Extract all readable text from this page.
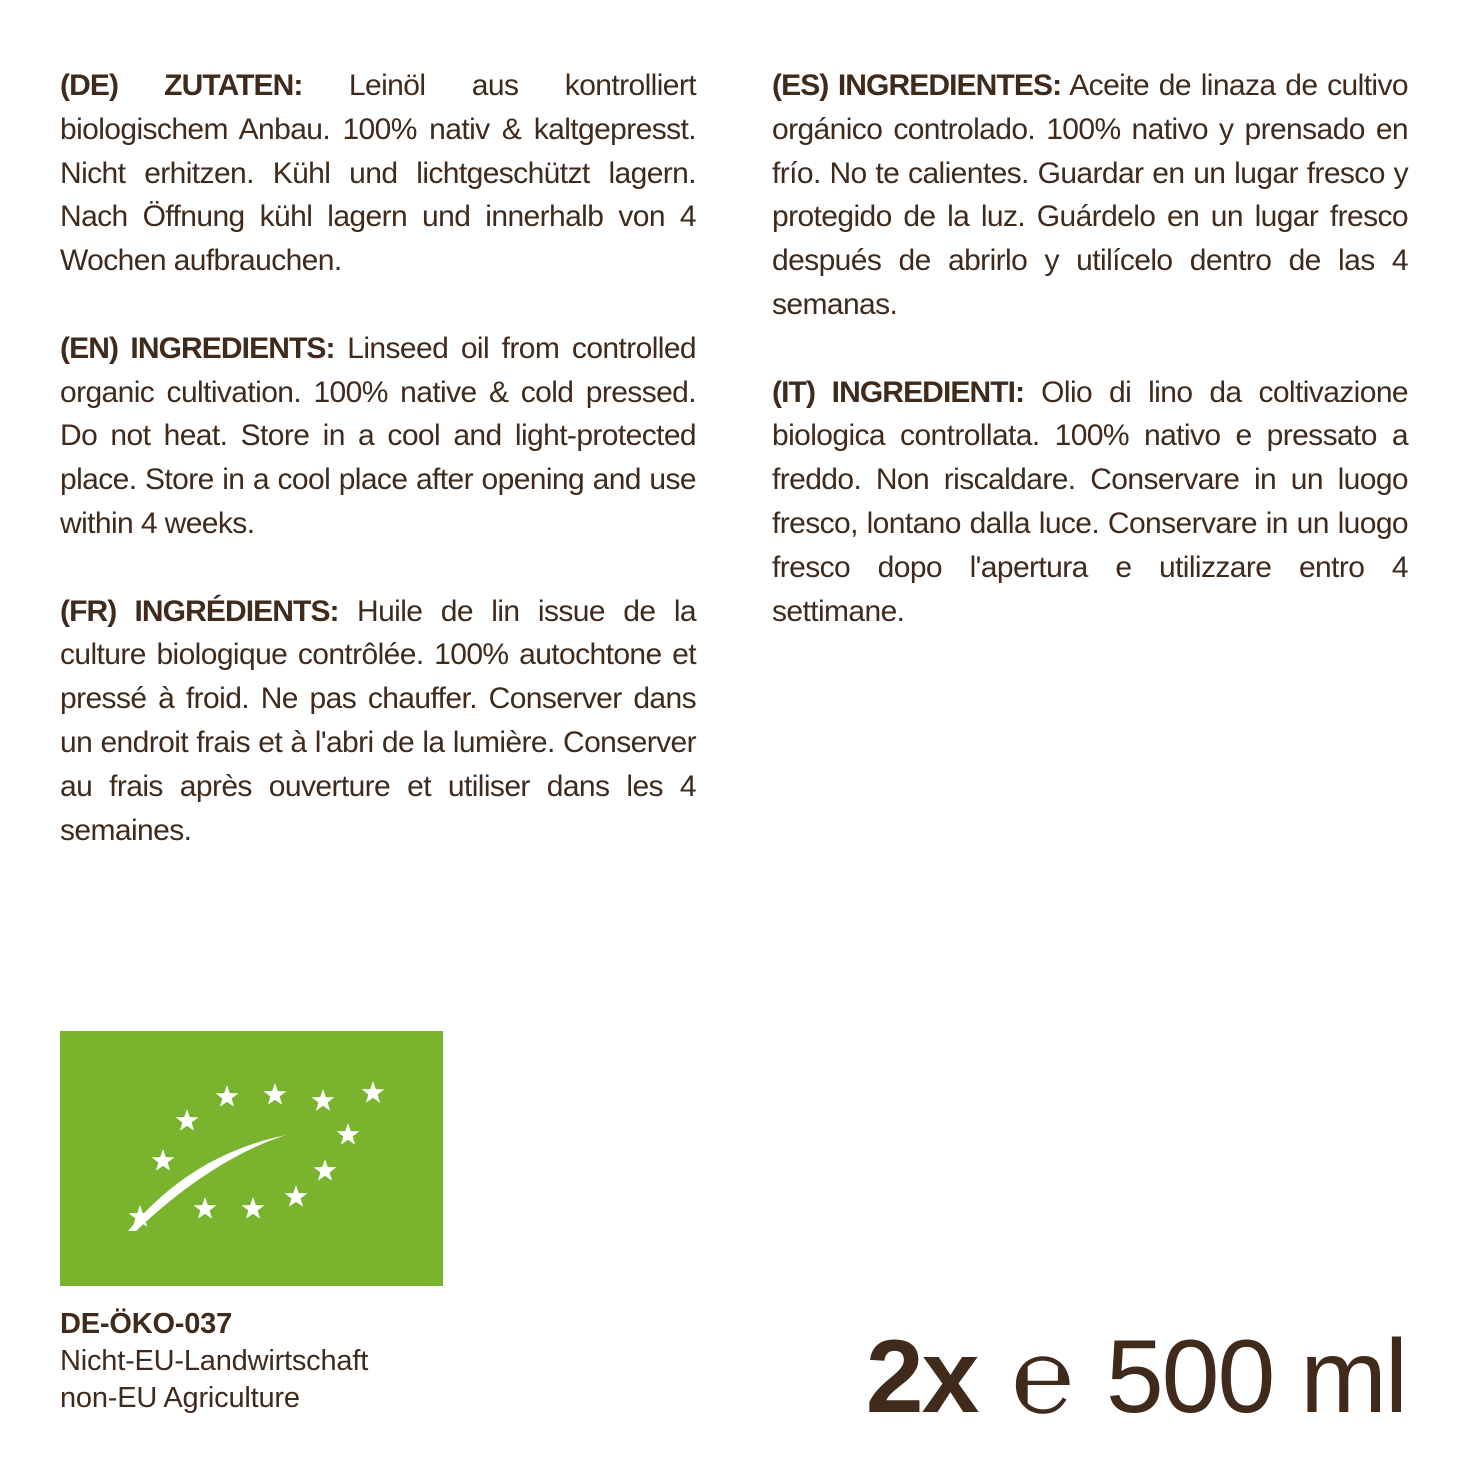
(DE) ZUTATEN: Leinöl aus kontrolliert biologischem Anbau. 100% nativ & kaltgepresst. Nicht erhitzen. Kühl und lichtgeschützt lagern. Nach Öffnung kühl lagern und innerhalb von 4 Wochen aufbrauchen.

(EN) INGREDIENTS: Linseed oil from controlled organic cultivation. 100% native & cold pressed. Do not heat. Store in a cool and light-protected place. Store in a cool place after opening and use within 4 weeks.

(FR) INGRÉDIENTS: Huile de lin issue de la culture biologique contrôlée. 100% autochtone et pressé à froid. Ne pas chauffer. Conserver dans un endroit frais et à l'abri de la lumière. Conserver au frais après ouverture et utiliser dans les 4 semaines.

(ES) INGREDIENTES: Aceite de linaza de cultivo orgánico controlado. 100% nativo y prensado en frío. No te calientes. Guardar en un lugar fresco y protegido de la luz. Guárdelo en un lugar fresco después de abrirlo y utilícelo dentro de las 4 semanas.

(IT) INGREDIENTI: Olio di lino da coltivazione biologica controllata. 100% nativo e pressato a freddo. Non riscaldare. Conservare in un luogo fresco, lontano dalla luce. Conservare in un luogo fresco dopo l'apertura e utilizzare entro 4 settimane.

DE-ÖKO-037
Nicht-EU-Landwirtschaft
non-EU Agriculture	2x ℮ 500 ml
